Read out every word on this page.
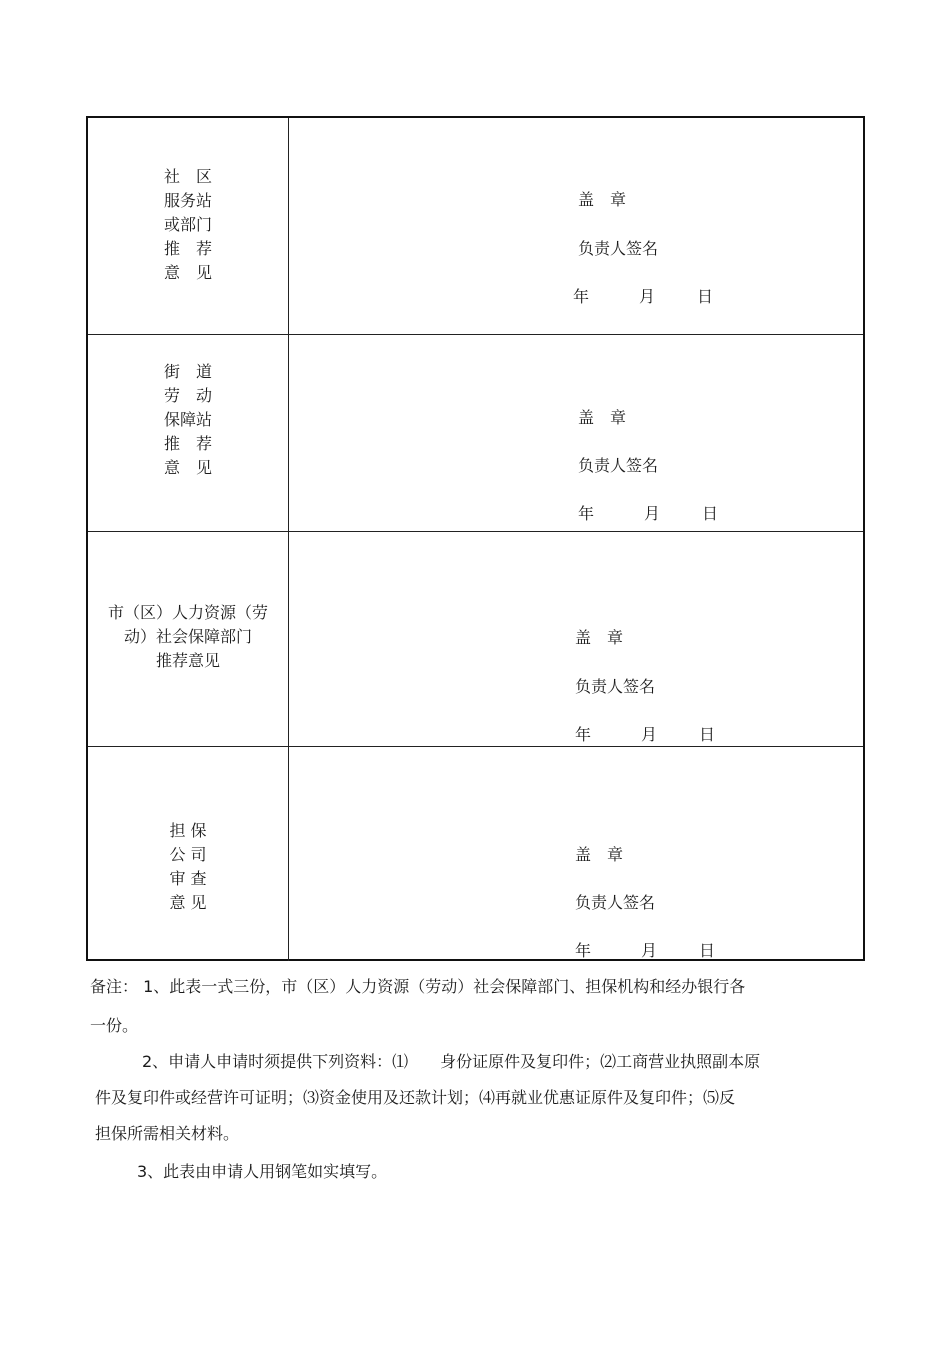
社　区
服务站
或部门
推　荐
意　见
盖　章
负责人签名
年	月	日
街　道
劳　动
保障站
推　荐
意　见
盖　章
负责人签名
年	月	日
市（区）人力资源（劳
动）社会保障部门
推荐意见
盖　章
负责人签名
年	月	日
担 保
公 司
审 查
意 见
盖　章
负责人签名
年	月	日

备注： 1、此表一式三份，市（区）人力资源（劳动）社会保障部门、担保机构和经办银行各

一份。

2、申请人申请时须提供下列资料：⑴　　身份证原件及复印件；⑵工商营业执照副本原

件及复印件或经营许可证明；⑶资金使用及还款计划；⑷再就业优惠证原件及复印件；⑸反

担保所需相关材料。

3、此表由申请人用钢笔如实填写。
